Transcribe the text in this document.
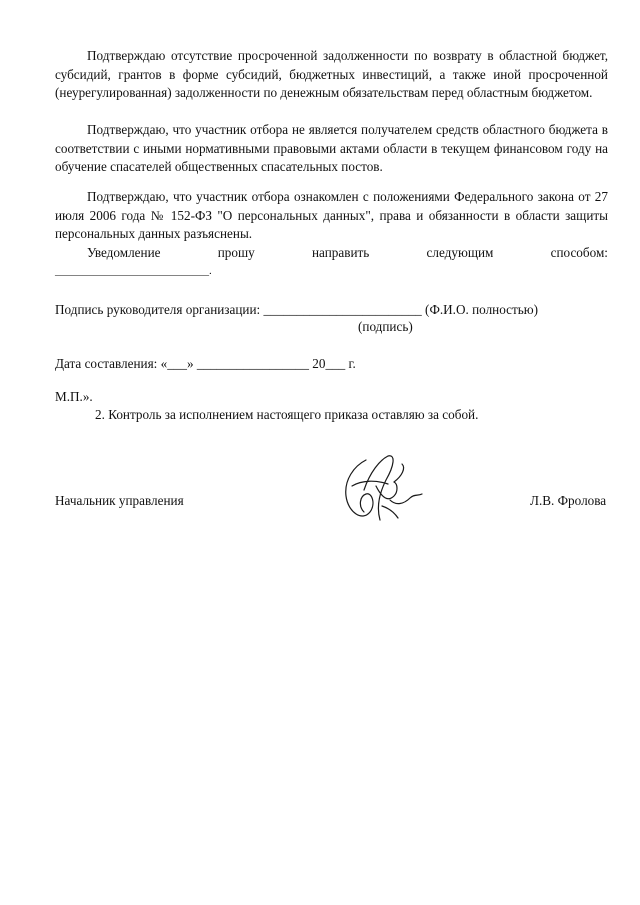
Подтверждаю отсутствие просроченной задолженности по возврату в областной бюджет, субсидий, грантов в форме субсидий, бюджетных инвестиций, а также иной просроченной (неурегулированная) задолженности по денежным обязательствам перед областным бюджетом.
Подтверждаю, что участник отбора не является получателем средств областного бюджета в соответствии с иными нормативными правовыми актами области в текущем финансовом году на обучение спасателей общественных спасательных постов.
Подтверждаю, что участник отбора ознакомлен с положениями Федерального закона от 27 июля 2006 года № 152-ФЗ "О персональных данных", права и обязанности в области защиты персональных данных разъяснены.
Уведомление	прошу	направить	следующим	способом:
____________________________.
Подпись руководителя организации: ________________________ (Ф.И.О. полностью)
(подпись)
Дата составления: «___» _________________ 20___ г.
М.П.».
2. Контроль за исполнением настоящего приказа оставляю за собой.
Начальник управления	Л.В. Фролова
